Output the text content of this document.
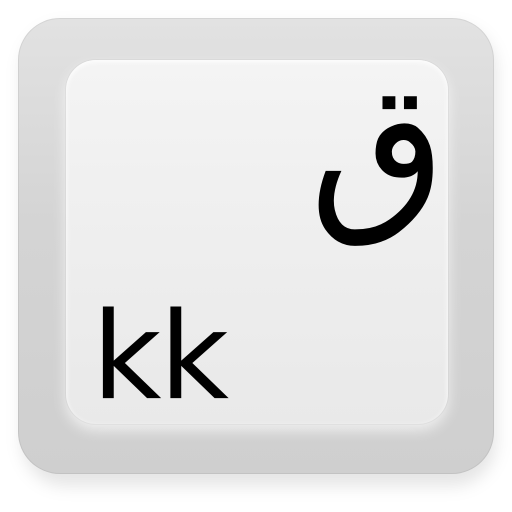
ق
kk
